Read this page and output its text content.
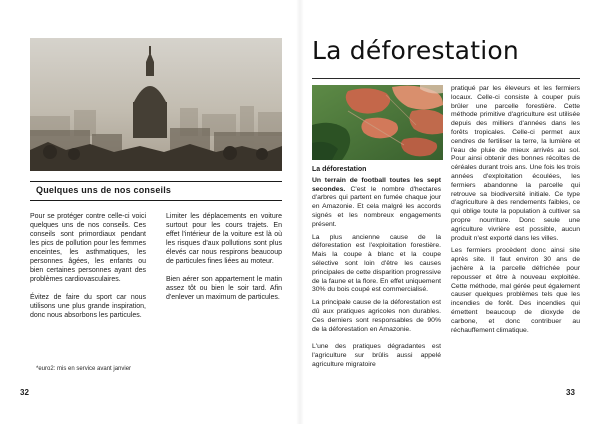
Quelques uns de nos conseils

Pour se protéger contre celle-ci voici quelques uns de nos conseils. Ces conseils sont primordiaux pendant les pics de pollution pour les femmes enceintes, les asthmatiques, les personnes âgées, les enfants ou bien certaines personnes ayant des problèmes cardiovasculaires.

Évitez de faire du sport car nous utilisons une plus grande inspiration, donc nous absorbons les particules.

Limiter les déplacements en voiture surtout pour les cours trajets. En effet l'intérieur de la voiture est là où les risques d'aux pollutions sont plus élevés car nous respirons beaucoup de particules fines liées au moteur.

Bien aérer son appartement le matin assez tôt ou bien le soir tard. Afin d'enlever un maximum de particules.

*euro2: mis en service avant janvier
32
La déforestation

La déforestation

Un terrain de football toutes les sept secondes. C'est le nombre d'hectares d'arbres qui partent en fumée chaque jour en Amazonie. Et cela malgré les accords signés et les nombreux engagements présent.

La plus ancienne cause de la déforestation est l'exploitation forestière. Mais la coupe à blanc et la coupe sélective sont loin d'être les causes principales de cette disparition progressive de la faune et la flore. En effet uniquement 30% du bois coupé est commercialisé.

La principale cause de la déforestation est dû aux pratiques agricoles non durables. Ces derniers sont responsables de 90% de la déforestation en Amazonie.

L'une des pratiques dégradantes est l'agriculture sur brûlis aussi appelé agriculture migratoire

pratiqué par les éleveurs et les fermiers locaux. Celle-ci consiste à couper puis brûler une parcelle forestière. Cette méthode primitive d'agriculture est utilisée depuis des milliers d'années dans les forêts tropicales. Celle-ci permet aux cendres de fertiliser la terre, la lumière et l'eau de pluie de mieux arrivés au sol. Pour ainsi obtenir des bonnes récoltes de céréales durant trois ans. Une fois les trois années d'exploitation écoulées, les fermiers abandonne la parcelle qui retrouve sa biodiversité initiale. Ce type d'agriculture à des rendements faibles, ce qui oblige toute la population à cultiver sa propre nourriture. Donc seule une agriculture vivrière est possible, aucun produit n'est exporté dans les villes.

Les fermiers procèdent donc ainsi site après site. Il faut environ 30 ans de jachère à la parcelle défrichée pour repousser et être à nouveau exploitée. Cette méthode, mal gérée peut également causer quelques problèmes tels que les incendies de forêt. Des incendies qui émettent beaucoup de dioxyde de carbone, et donc contribuer au réchauffement climatique.

33
